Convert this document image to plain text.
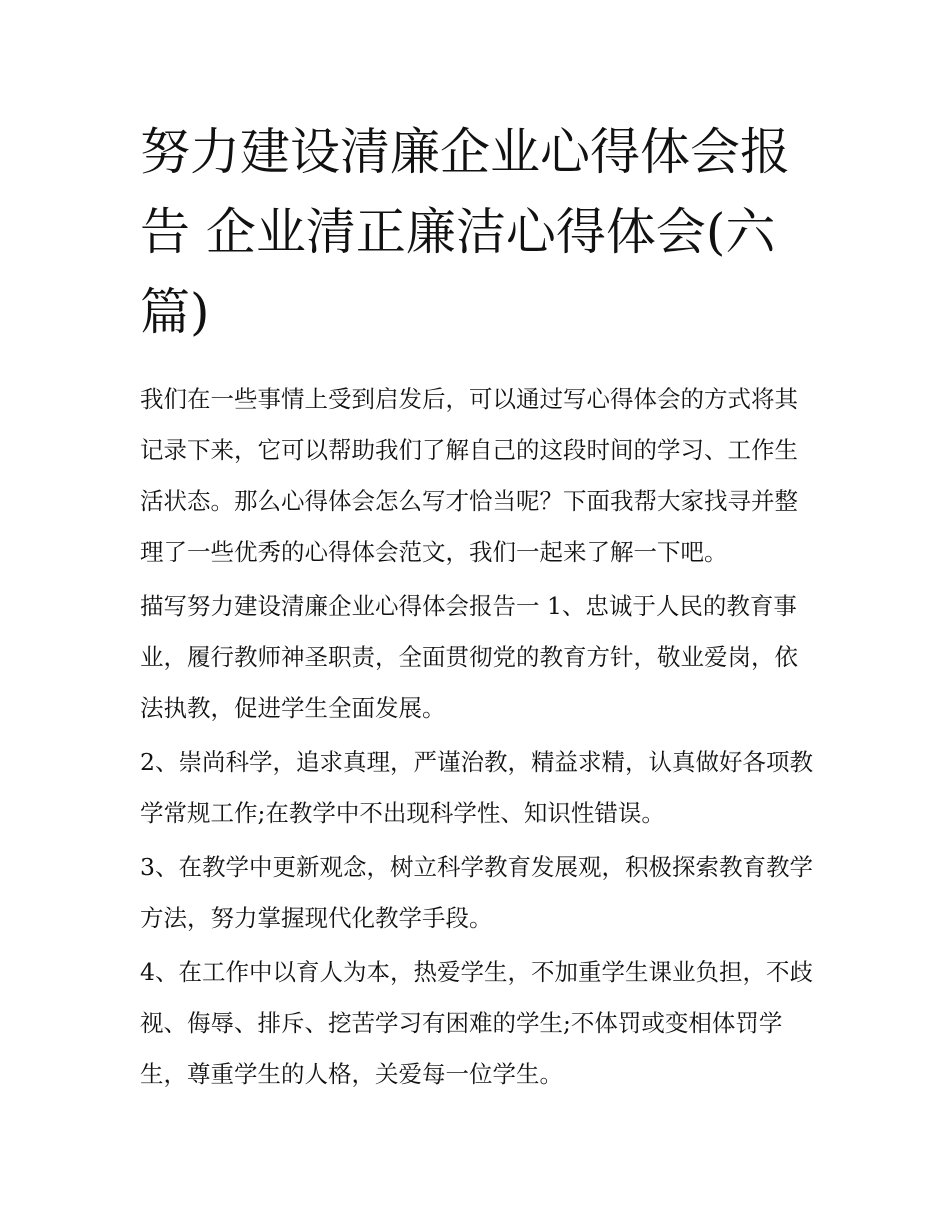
努力建设清廉企业心得体会报告 企业清正廉洁心得体会(六篇)

我们在一些事情上受到启发后，可以通过写心得体会的方式将其记录下来，它可以帮助我们了解自己的这段时间的学习、工作生活状态。那么心得体会怎么写才恰当呢？下面我帮大家找寻并整理了一些优秀的心得体会范文，我们一起来了解一下吧。

描写努力建设清廉企业心得体会报告一 1、忠诚于人民的教育事业，履行教师神圣职责，全面贯彻党的教育方针，敬业爱岗，依法执教，促进学生全面发展。

2、崇尚科学，追求真理，严谨治教，精益求精，认真做好各项教学常规工作;在教学中不出现科学性、知识性错误。

3、在教学中更新观念，树立科学教育发展观，积极探索教育教学方法，努力掌握现代化教学手段。

4、在工作中以育人为本，热爱学生，不加重学生课业负担，不歧视、侮辱、排斥、挖苦学习有困难的学生;不体罚或变相体罚学生，尊重学生的人格，关爱每一位学生。
